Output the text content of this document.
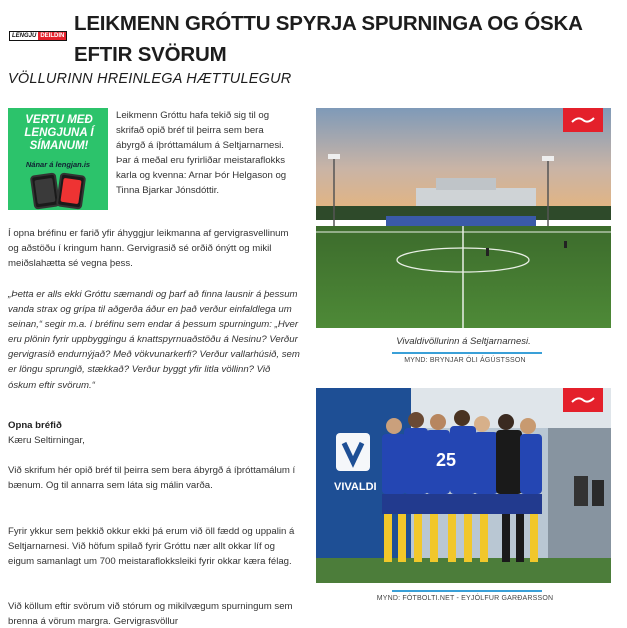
LENGJU DEILDIN
LEIKMENN GRÓTTU SPYRJA SPURNINGA OG ÓSKA EFTIR SVÖRUM
VÖLLURINN HREINLEGA HÆTTULEGUR
VERTU MEÐ LENGJUNA Í SÍMANUM!
Nánar á lengjan.is

Leikmenn Gróttu hafa tekið sig til og skrifað opið bréf til þeirra sem bera ábyrgð á íþróttamálum á Seltjarnarnesi. Þar á meðal eru fyrirliðar meistaraflokks karla og kvenna: Arnar Þór Helgason og Tinna Bjarkar Jónsdóttir.

Í opna bréfinu er farið yfir áhyggjur leikmanna af gervigrasvellinum og aðstöðu í kringum hann. Gervigrasið sé orðið ónýtt og mikil meiðslahætta sé vegna þess.

„Þetta er alls ekki Gróttu sæmandi og þarf að finna lausnir á þessum vanda strax og grípa til aðgerða áður en það verður einfaldlega um seinan,“ segir m.a. í bréfinu sem endar á þessum spurningum: „Hver eru plönin fyrir uppbyggingu á knattspyrnuaðstöðu á Nesinu? Verður gervigrasið endurnýjað? Með vökvunarkerfi? Verður vallarhúsið, sem er löngu sprungið, stækkað? Verður byggt yfir litla völlinn? Við óskum eftir svörum.“

Opna bréfið

Kæru Seltirningar,

Við skrifum hér opið bréf til þeirra sem bera ábyrgð á íþróttamálum í bænum. Og til annarra sem láta sig málin varða.

Fyrir ykkur sem þekkið okkur ekki þá erum við öll fædd og uppalin á Seltjarnarnesi. Við höfum spilað fyrir Gróttu nær allt okkar líf og eigum samanlagt um 700 meistaraflokksleiki fyrir okkar kæra félag.

Við köllum eftir svörum við stórum og mikilvægum spurningum sem brenna á vörum margra. Gervigrasvöllur

Vivaldivöllurinn á Seltjarnarnesi.
MYND: BRYNJAR ÓLI ÁGÚSTSSON
VIVALDI
25
MYND: FÓTBOLTI.NET - EYJÓLFUR GARÐARSSON
